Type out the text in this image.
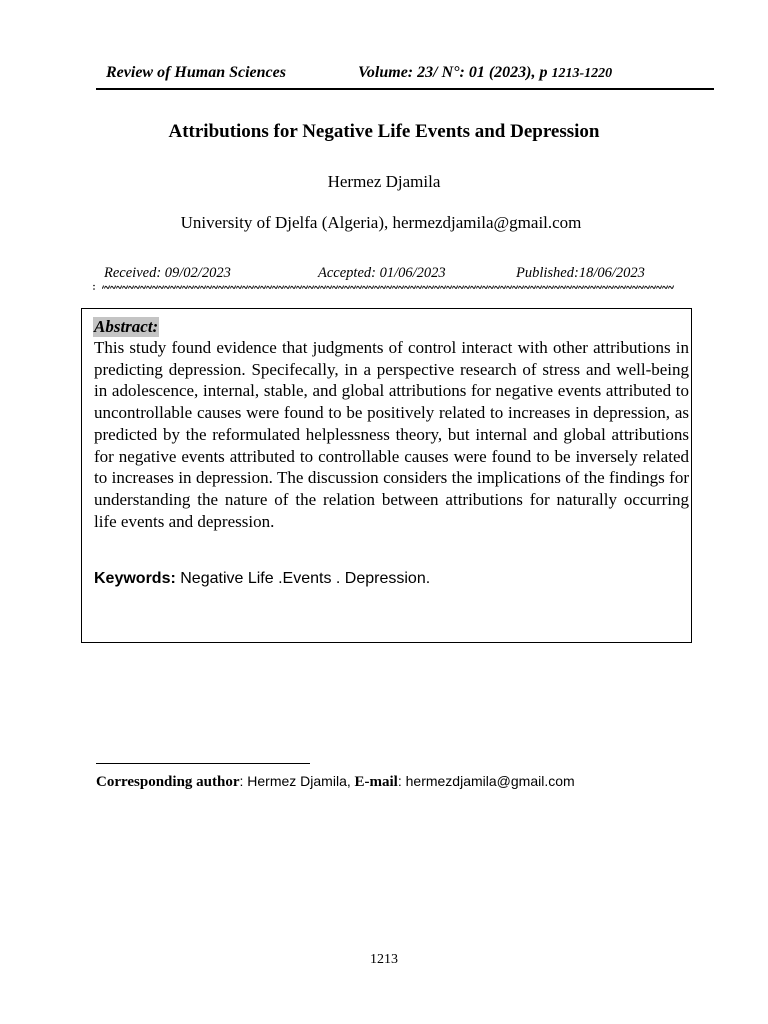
Review of Human Sciences	Volume: 23/ N°: 01 (2023), p 1213-1220
Attributions for Negative Life Events and Depression
Hermez Djamila
University of Djelfa (Algeria), hermezdjamila@gmail.com
Received: 09/02/2023	Accepted: 01/06/2023	Published:18/06/2023
Abstract:

This study found evidence that judgments of control interact with other attributions in predicting depression. Specifecally, in a perspective research of stress and well-being in adolescence, internal, stable, and global attributions for negative events attributed to uncontrollable causes were found to be positively related to increases in depression, as predicted by the reformulated helplessness theory, but internal and global attributions for negative events attributed to controllable causes were found to be inversely related to increases in depression. The discussion considers the implications of the findings for understanding the nature of the relation between attributions for naturally occurring life events and depression.

Keywords: Negative Life .Events . Depression.
Corresponding author: Hermez Djamila, E-mail: hermezdjamila@gmail.com
1213
